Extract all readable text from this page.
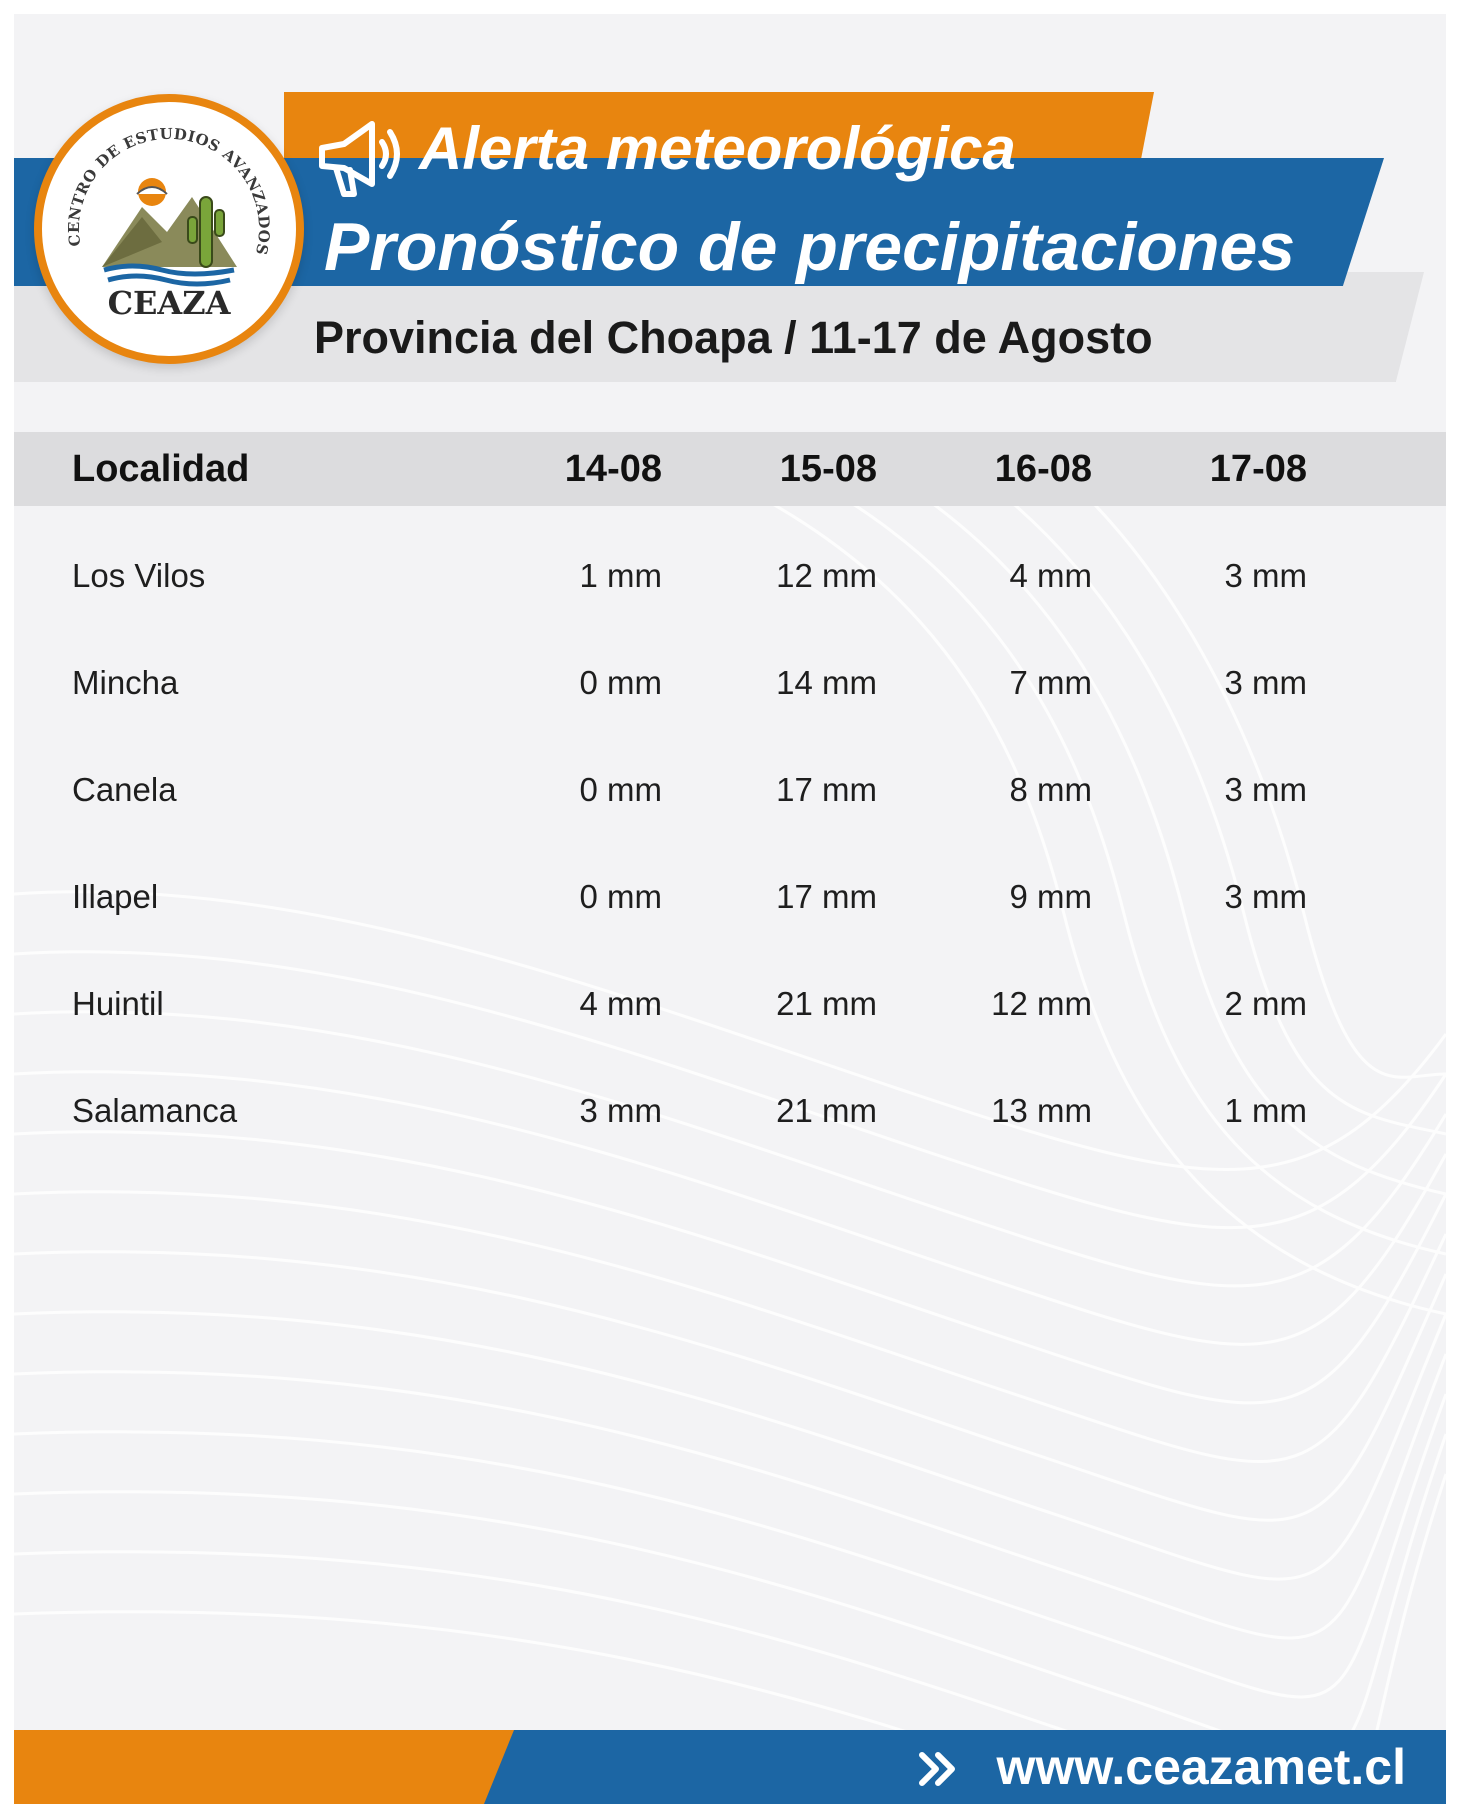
Alerta meteorológica
Pronóstico de precipitaciones
Provincia del Choapa / 11-17 de Agosto
CENTRO DE ESTUDIOS AVANZADOS
CEAZA
Localidad	14-08	15-08	16-08	17-08
Los Vilos	1 mm	12 mm	4 mm	3 mm
Mincha	0 mm	14 mm	7 mm	3 mm
Canela	0 mm	17 mm	8 mm	3 mm
Illapel	0 mm	17 mm	9 mm	3 mm
Huintil	4 mm	21 mm	12 mm	2 mm
Salamanca	3 mm	21 mm	13 mm	1 mm
www.ceazamet.cl
